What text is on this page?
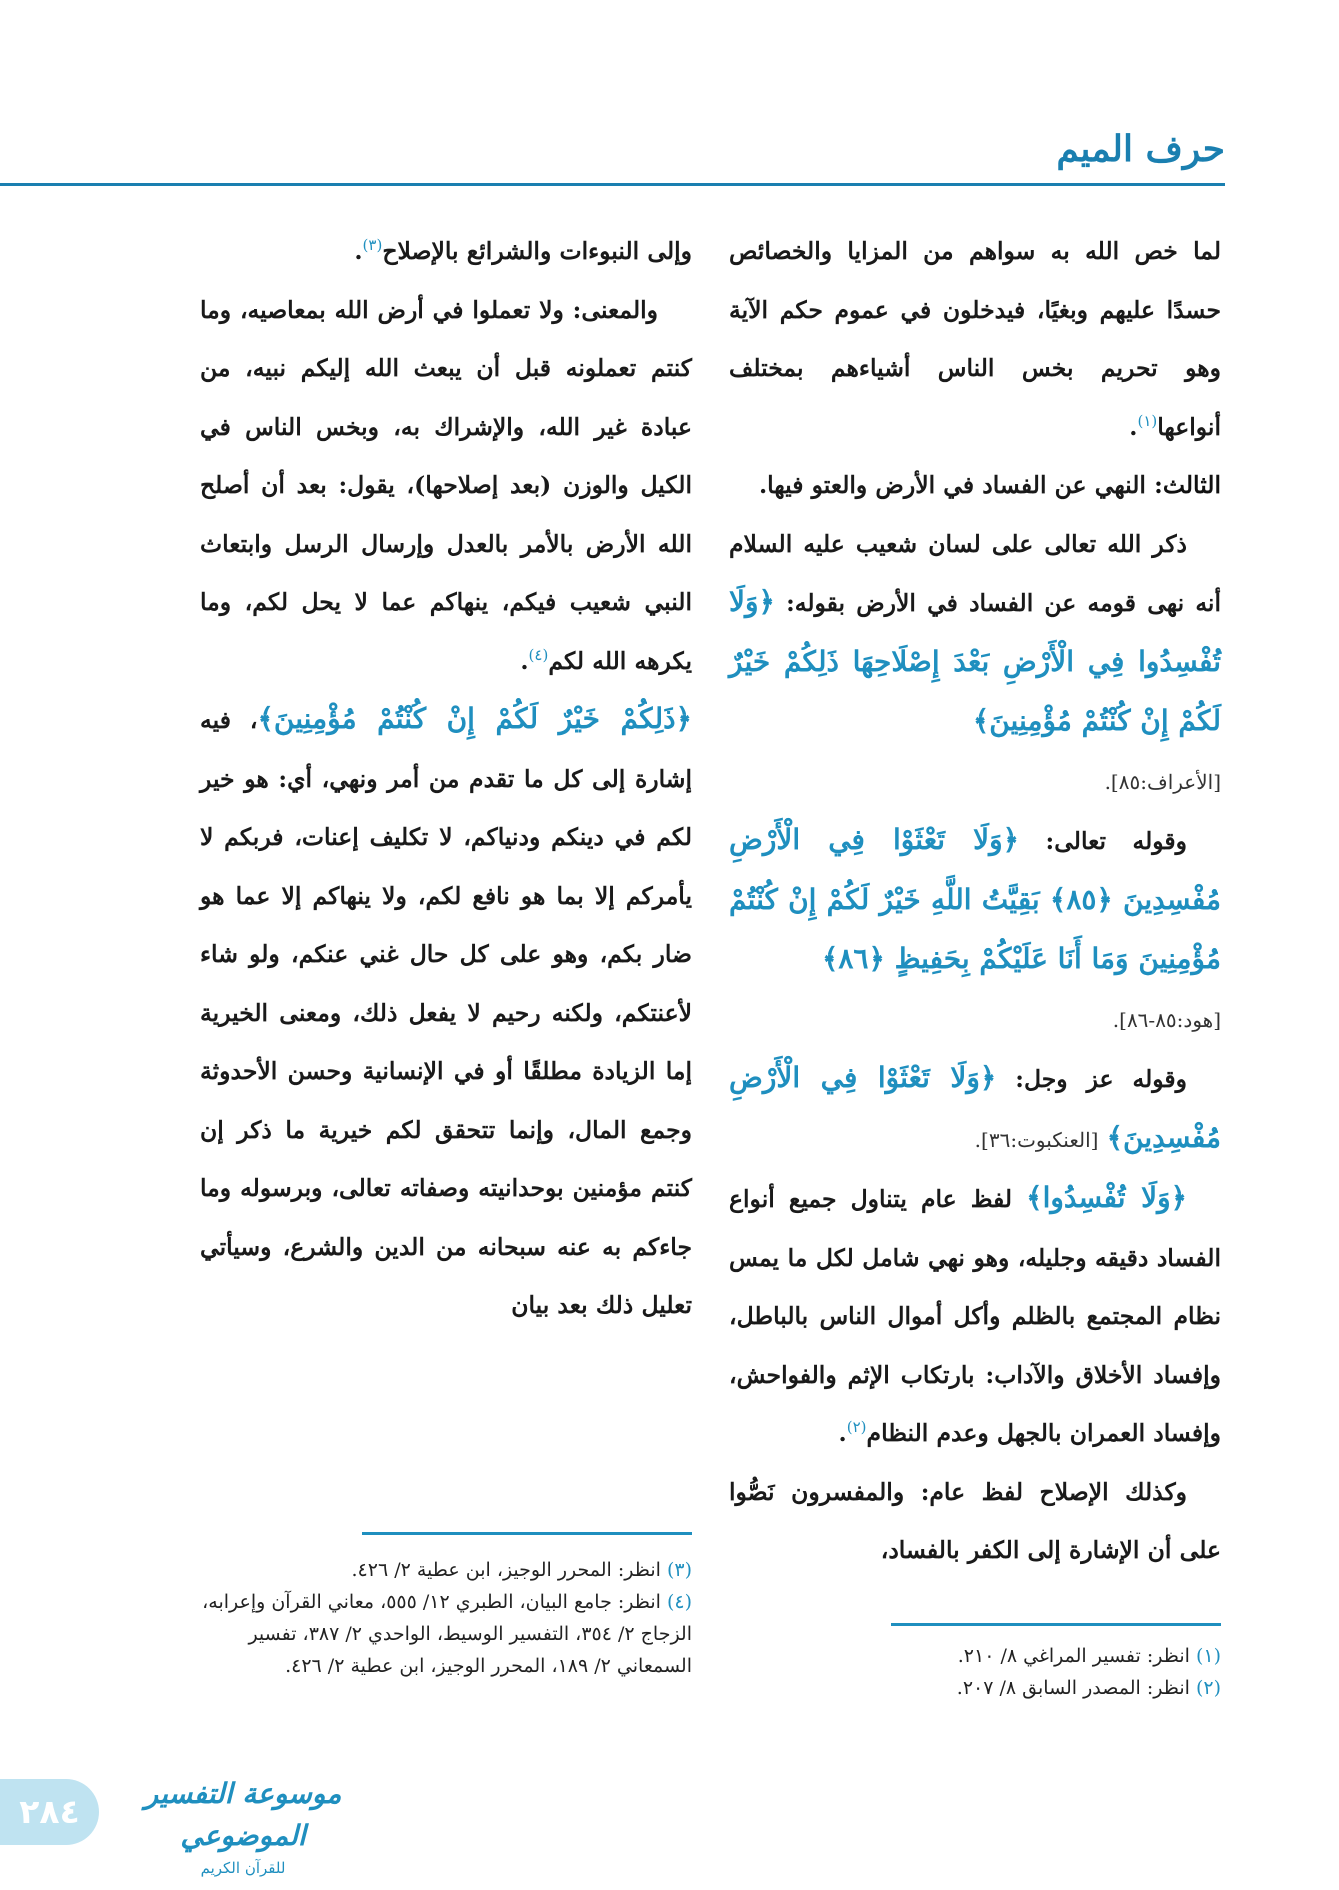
حرف الميم

لما خص الله به سواهم من المزايا والخصائص حسدًا عليهم وبغيًا، فيدخلون في عموم حكم الآية وهو تحريم بخس الناس أشياءهم بمختلف أنواعها$^{(١)}$.

الثالث: النهي عن الفساد في الأرض والعتو فيها.

ذكر الله تعالى على لسان شعيب عليه السلام أنه نهى قومه عن الفساد في الأرض بقوله: ﴿وَلَا تُفْسِدُوا فِي الْأَرْضِ بَعْدَ إِصْلَاحِهَا ذَلِكُمْ خَيْرٌ لَكُمْ إِنْ كُنْتُمْ مُؤْمِنِينَ﴾

[الأعراف:٨٥].

وقوله تعالى: ﴿وَلَا تَعْثَوْا فِي الْأَرْضِ مُفْسِدِينَ ﴿٨٥﴾ بَقِيَّتُ اللَّهِ خَيْرٌ لَكُمْ إِنْ كُنْتُمْ مُؤْمِنِينَ وَمَا أَنَا عَلَيْكُمْ بِحَفِيظٍ ﴿٨٦﴾

[هود:٨٥-٨٦].

وقوله عز وجل: ﴿وَلَا تَعْثَوْا فِي الْأَرْضِ مُفْسِدِينَ﴾ [العنكبوت:٣٦].

﴿وَلَا تُفْسِدُوا﴾ لفظ عام يتناول جميع أنواع الفساد دقيقه وجليله، وهو نهي شامل لكل ما يمس نظام المجتمع بالظلم وأكل أموال الناس بالباطل، وإفساد الأخلاق والآداب: بارتكاب الإثم والفواحش، وإفساد العمران بالجهل وعدم النظام$^{(٢)}$.

وكذلك الإصلاح لفظ عام: والمفسرون نَصُّوا على أن الإشارة إلى الكفر بالفساد،

وإلى النبوءات والشرائع بالإصلاح$^{(٣)}$.

والمعنى: ولا تعملوا في أرض الله بمعاصيه، وما كنتم تعملونه قبل أن يبعث الله إليكم نبيه، من عبادة غير الله، والإشراك به، وبخس الناس في الكيل والوزن (بعد إصلاحها)، يقول: بعد أن أصلح الله الأرض بالأمر بالعدل وإرسال الرسل وابتعاث النبي شعيب فيكم، ينهاكم عما لا يحل لكم، وما يكرهه الله لكم$^{(٤)}$.

﴿ذَلِكُمْ خَيْرٌ لَكُمْ إِنْ كُنْتُمْ مُؤْمِنِينَ﴾، فيه إشارة إلى كل ما تقدم من أمر ونهي، أي: هو خير لكم في دينكم ودنياكم، لا تكليف إعنات، فربكم لا يأمركم إلا بما هو نافع لكم، ولا ينهاكم إلا عما هو ضار بكم، وهو على كل حال غني عنكم، ولو شاء لأعنتكم، ولكنه رحيم لا يفعل ذلك، ومعنى الخيرية إما الزيادة مطلقًا أو في الإنسانية وحسن الأحدوثة وجمع المال، وإنما تتحقق لكم خيرية ما ذكر إن كنتم مؤمنين بوحدانيته وصفاته تعالى، وبرسوله وما جاءكم به عنه سبحانه من الدين والشرع، وسيأتي تعليل ذلك بعد بيان

(١) انظر: تفسير المراغي ٨/ ٢١٠.

(٢) انظر: المصدر السابق ٨/ ٢٠٧.

(٣) انظر: المحرر الوجيز، ابن عطية ٢/ ٤٢٦.

(٤) انظر: جامع البيان، الطبري ١٢/ ٥٥٥، معاني القرآن وإعرابه، الزجاج ٢/ ٣٥٤، التفسير الوسيط، الواحدي ٢/ ٣٨٧، تفسير السمعاني ٢/ ١٨٩، المحرر الوجيز، ابن عطية ٢/ ٤٢٦.

٢٨٤	موسوعة التفسير الموضوعي
للقرآن الكريم
